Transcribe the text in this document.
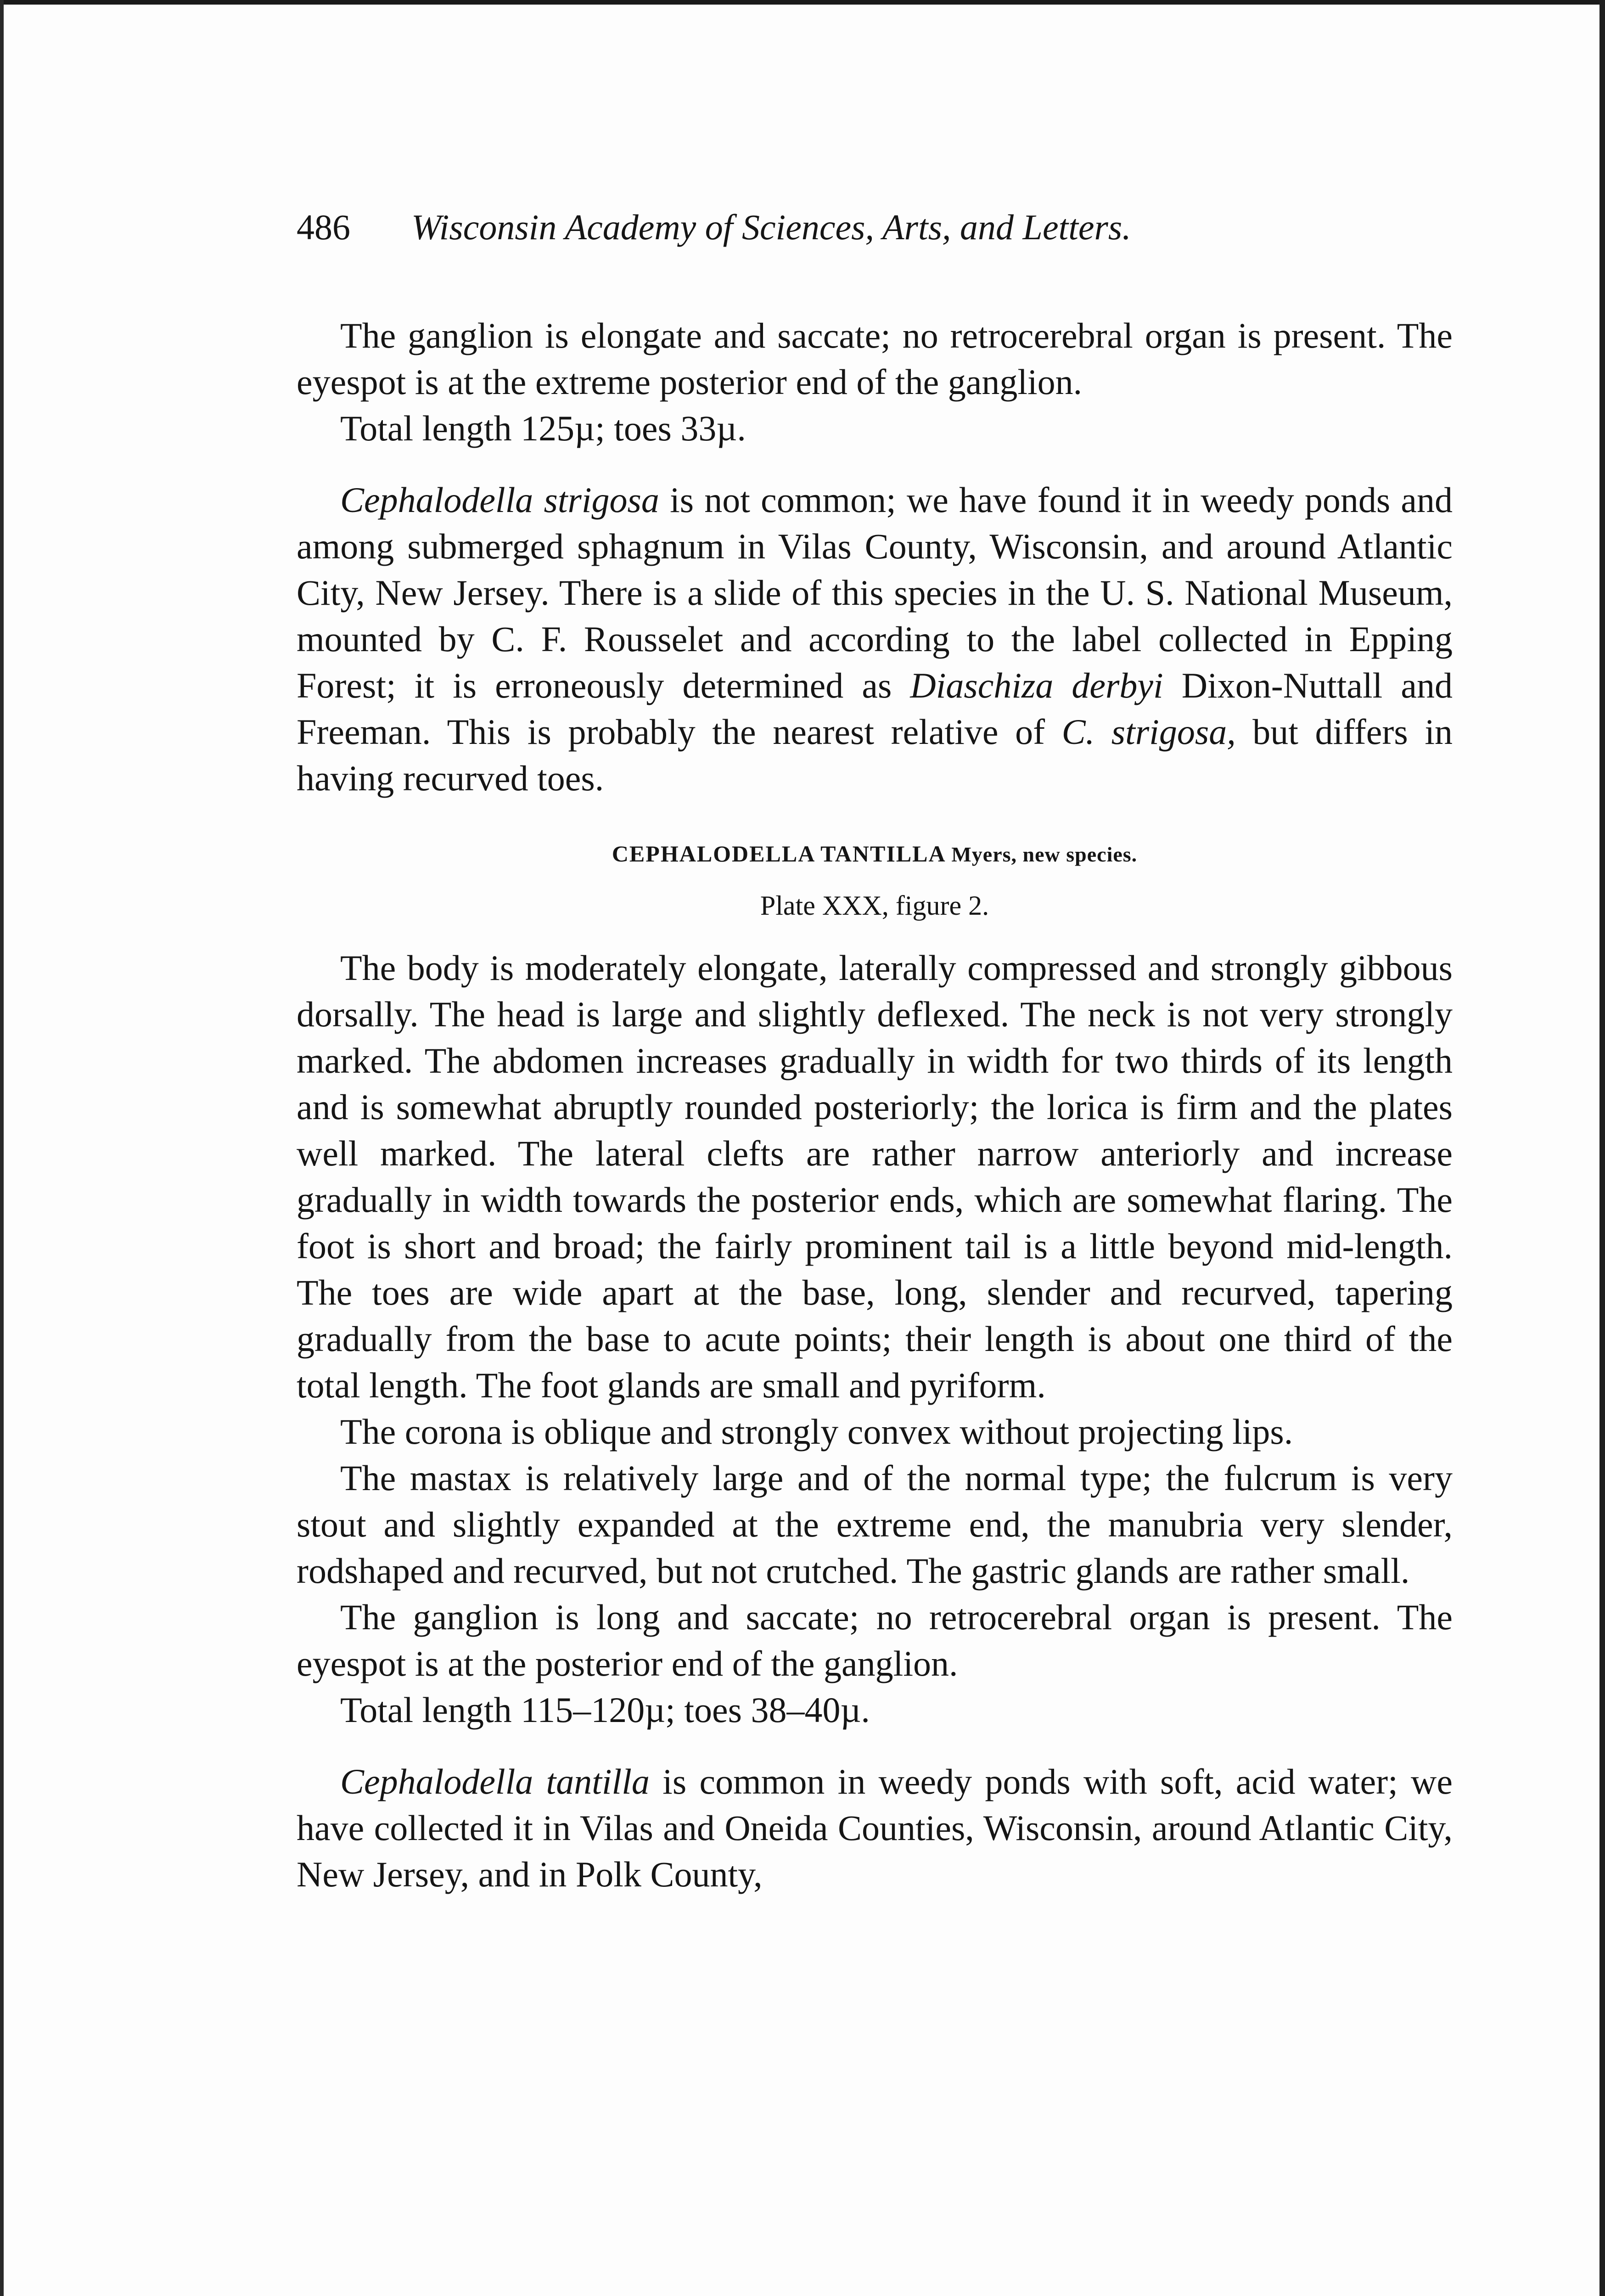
486 Wisconsin Academy of Sciences, Arts, and Letters.

The ganglion is elongate and saccate; no retrocerebral organ is present. The eyespot is at the extreme posterior end of the ganglion.

Total length 125µ; toes 33µ.

Cephalodella strigosa is not common; we have found it in weedy ponds and among submerged sphagnum in Vilas County, Wisconsin, and around Atlantic City, New Jersey. There is a slide of this species in the U. S. National Museum, mounted by C. F. Rousselet and according to the label collected in Epping Forest; it is erroneously determined as Diaschiza derbyi Dixon-Nuttall and Freeman. This is probably the nearest relative of C. strigosa, but differs in having recurved toes.

CEPHALODELLA TANTILLA Myers, new species.
Plate XXX, figure 2.

The body is moderately elongate, laterally compressed and strongly gibbous dorsally. The head is large and slightly deflexed. The neck is not very strongly marked. The abdomen increases gradually in width for two thirds of its length and is somewhat abruptly rounded posteriorly; the lorica is firm and the plates well marked. The lateral clefts are rather narrow anteriorly and increase gradually in width towards the posterior ends, which are somewhat flaring. The foot is short and broad; the fairly prominent tail is a little beyond mid-length. The toes are wide apart at the base, long, slender and recurved, tapering gradually from the base to acute points; their length is about one third of the total length. The foot glands are small and pyriform.

The corona is oblique and strongly convex without projecting lips.

The mastax is relatively large and of the normal type; the fulcrum is very stout and slightly expanded at the extreme end, the manubria very slender, rodshaped and recurved, but not crutched. The gastric glands are rather small.

The ganglion is long and saccate; no retrocerebral organ is present. The eyespot is at the posterior end of the ganglion.

Total length 115–120µ; toes 38–40µ.

Cephalodella tantilla is common in weedy ponds with soft, acid water; we have collected it in Vilas and Oneida Counties, Wisconsin, around Atlantic City, New Jersey, and in Polk County,
